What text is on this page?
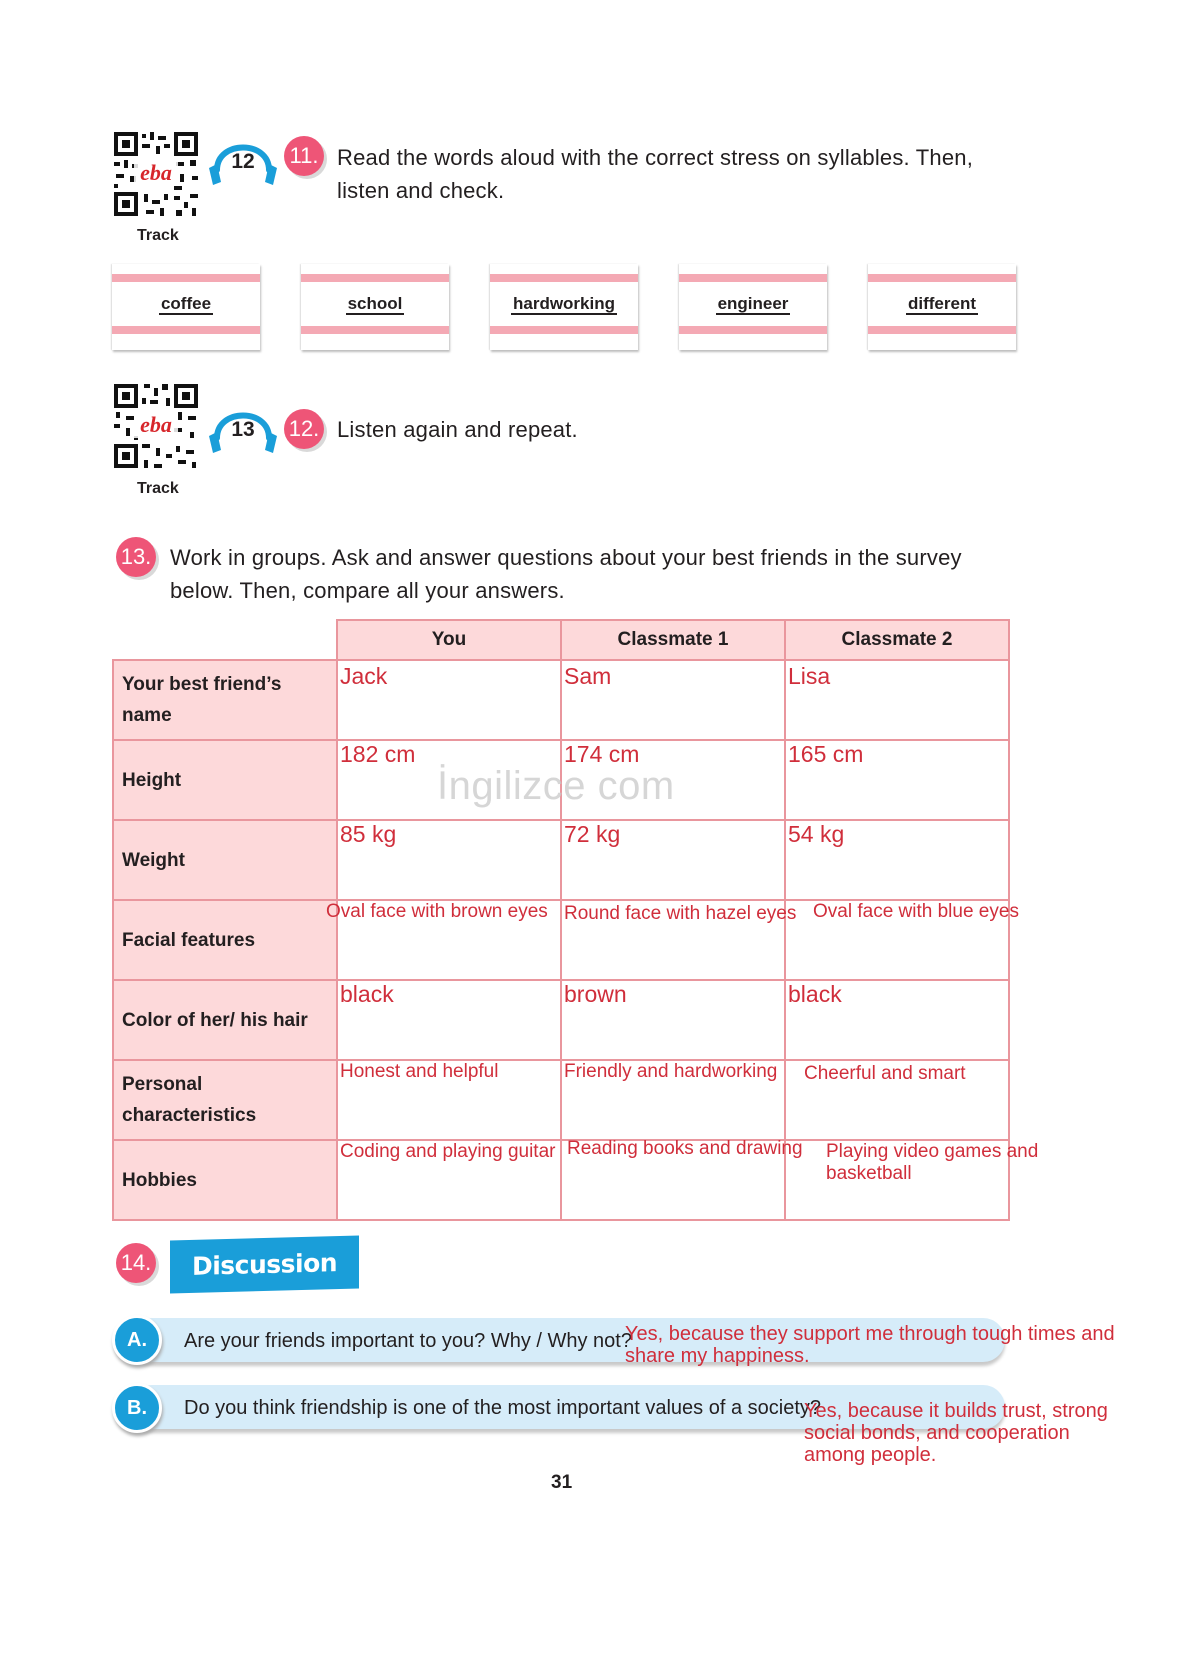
eba
Track
12	11. Read the words aloud with the correct stress on syllables. Then,
listen and check.
coffee	school	hardworking	engineer	different
eba
Track
13	12. Listen again and repeat.
13. Work in groups. Ask and answer questions about your best friends in the survey
below. Then, compare all your answers.
	You	Classmate 1	Classmate 2

Your best friend’s
name	Jack	Sam	Lisa

Height	182 cm	174 cm	165 cm

Weight	85 kg	72 kg	54 kg

Facial features	Oval face with brown eyes	Round face with hazel eyes	Oval face with blue eyes

Color of her/ his hair	black	brown	black

Personal
characteristics	Honest and helpful	Friendly and hardworking	Cheerful and smart

Hobbies	Coding and playing guitar	Reading books and drawing	Playing video games and basketball
İngilizce com
14.	Discussion
A.	Are your friends important to you? Why / Why not?
Yes, because they support me through tough times and
share my happiness.
B.	Do you think friendship is one of the most important values of a society?
Yes, because it builds trust, strong
social bonds, and cooperation
among people.
31
